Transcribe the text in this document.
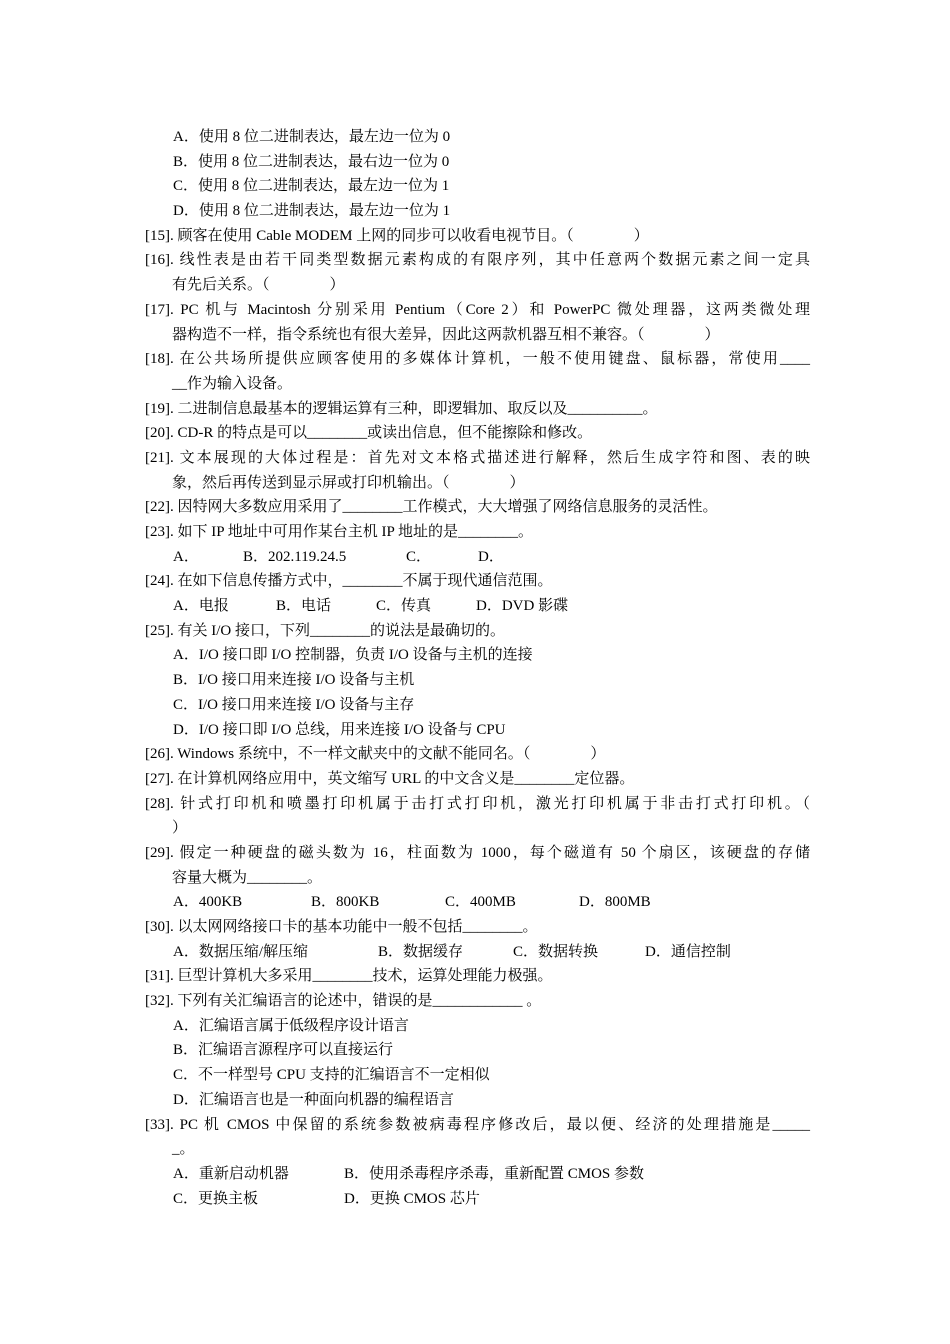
A．使用 8 位二进制表达，最左边一位为 0
B．使用 8 位二进制表达，最右边一位为 0
C．使用 8 位二进制表达，最左边一位为 1
D．使用 8 位二进制表达，最左边一位为 1
[15]. 顾客在使用 Cable MODEM 上网的同步可以收看电视节目。（　　　　）
[16]. 线性表是由若干同类型数据元素构成的有限序列，其中任意两个数据元素之间一定具
有先后关系。（　　　　）
[17]. PC 机与 Macintosh 分别采用 Pentium（Core 2）和 PowerPC 微处理器，这两类微处理
器构造不一样，指令系统也有很大差异，因此这两款机器互相不兼容。（　　　　）
[18]. 在公共场所提供应顾客使用的多媒体计算机，一般不使用键盘、鼠标器，常使用____
__作为输入设备。
[19]. 二进制信息最基本的逻辑运算有三种，即逻辑加、取反以及__________。
[20]. CD-R 的特点是可以________或读出信息，但不能擦除和修改。
[21]. 文本展现的大体过程是：首先对文本格式描述进行解释，然后生成字符和图、表的映
象，然后再传送到显示屏或打印机输出。（　　　　）
[22]. 因特网大多数应用采用了________工作模式，大大增强了网络信息服务的灵活性。
[23]. 如下 IP 地址中可用作某台主机 IP 地址的是________。
A．	B．202.119.24.5	C．	D．
[24]. 在如下信息传播方式中，________不属于现代通信范围。
A．电报	B．电话	C．传真	D．DVD 影碟
[25]. 有关 I/O 接口，下列________的说法是最确切的。
A．I/O 接口即 I/O 控制器，负责 I/O 设备与主机的连接
B．I/O 接口用来连接 I/O 设备与主机
C．I/O 接口用来连接 I/O 设备与主存
D．I/O 接口即 I/O 总线，用来连接 I/O 设备与 CPU
[26]. Windows 系统中，不一样文献夹中的文献不能同名。（　　　　）
[27]. 在计算机网络应用中，英文缩写 URL 的中文含义是________定位器。
[28]. 针式打印机和喷墨打印机属于击打式打印机，激光打印机属于非击打式打印机。（
）
[29]. 假定一种硬盘的磁头数为 16，柱面数为 1000，每个磁道有 50 个扇区，该硬盘的存储
容量大概为________。
A．400KB	B．800KB	C．400MB	D．800MB
[30]. 以太网网络接口卡的基本功能中一般不包括________。
A．数据压缩/解压缩	B．数据缓存	C．数据转换	D．通信控制
[31]. 巨型计算机大多采用________技术，运算处理能力极强。
[32]. 下列有关汇编语言的论述中，错误的是____________ 。
A．汇编语言属于低级程序设计语言
B．汇编语言源程序可以直接运行
C．不一样型号 CPU 支持的汇编语言不一定相似
D．汇编语言也是一种面向机器的编程语言
[33]. PC 机 CMOS 中保留的系统参数被病毒程序修改后，最以便、经济的处理措施是_____
_。
A．重新启动机器	B．使用杀毒程序杀毒，重新配置 CMOS 参数
C．更换主板	D．更换 CMOS 芯片
